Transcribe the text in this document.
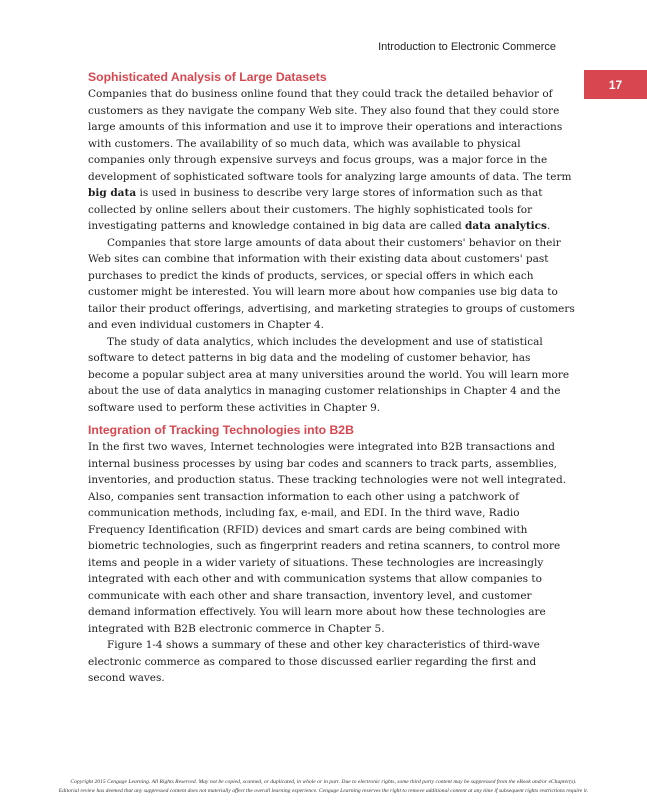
Introduction to Electronic Commerce
17
Sophisticated Analysis of Large Datasets

Companies that do business online found that they could track the detailed behavior of
customers as they navigate the company Web site. They also found that they could store
large amounts of this information and use it to improve their operations and interactions
with customers. The availability of so much data, which was available to physical
companies only through expensive surveys and focus groups, was a major force in the
development of sophisticated software tools for analyzing large amounts of data. The term
big data is used in business to describe very large stores of information such as that
collected by online sellers about their customers. The highly sophisticated tools for
investigating patterns and knowledge contained in big data are called data analytics.

Companies that store large amounts of data about their customers' behavior on their
Web sites can combine that information with their existing data about customers' past
purchases to predict the kinds of products, services, or special offers in which each
customer might be interested. You will learn more about how companies use big data to
tailor their product offerings, advertising, and marketing strategies to groups of customers
and even individual customers in Chapter 4.

The study of data analytics, which includes the development and use of statistical
software to detect patterns in big data and the modeling of customer behavior, has
become a popular subject area at many universities around the world. You will learn more
about the use of data analytics in managing customer relationships in Chapter 4 and the
software used to perform these activities in Chapter 9.

Integration of Tracking Technologies into B2B

In the first two waves, Internet technologies were integrated into B2B transactions and
internal business processes by using bar codes and scanners to track parts, assemblies,
inventories, and production status. These tracking technologies were not well integrated.
Also, companies sent transaction information to each other using a patchwork of
communication methods, including fax, e-mail, and EDI. In the third wave, Radio
Frequency Identification (RFID) devices and smart cards are being combined with
biometric technologies, such as fingerprint readers and retina scanners, to control more
items and people in a wider variety of situations. These technologies are increasingly
integrated with each other and with communication systems that allow companies to
communicate with each other and share transaction, inventory level, and customer
demand information effectively. You will learn more about how these technologies are
integrated with B2B electronic commerce in Chapter 5.

Figure 1-4 shows a summary of these and other key characteristics of third-wave
electronic commerce as compared to those discussed earlier regarding the first and
second waves.

Copyright 2015 Cengage Learning. All Rights Reserved. May not be copied, scanned, or duplicated, in whole or in part. Due to electronic rights, some third party content may be suppressed from the eBook and/or eChapter(s).
Editorial review has deemed that any suppressed content does not materially affect the overall learning experience. Cengage Learning reserves the right to remove additional content at any time if subsequent rights restrictions require it.
